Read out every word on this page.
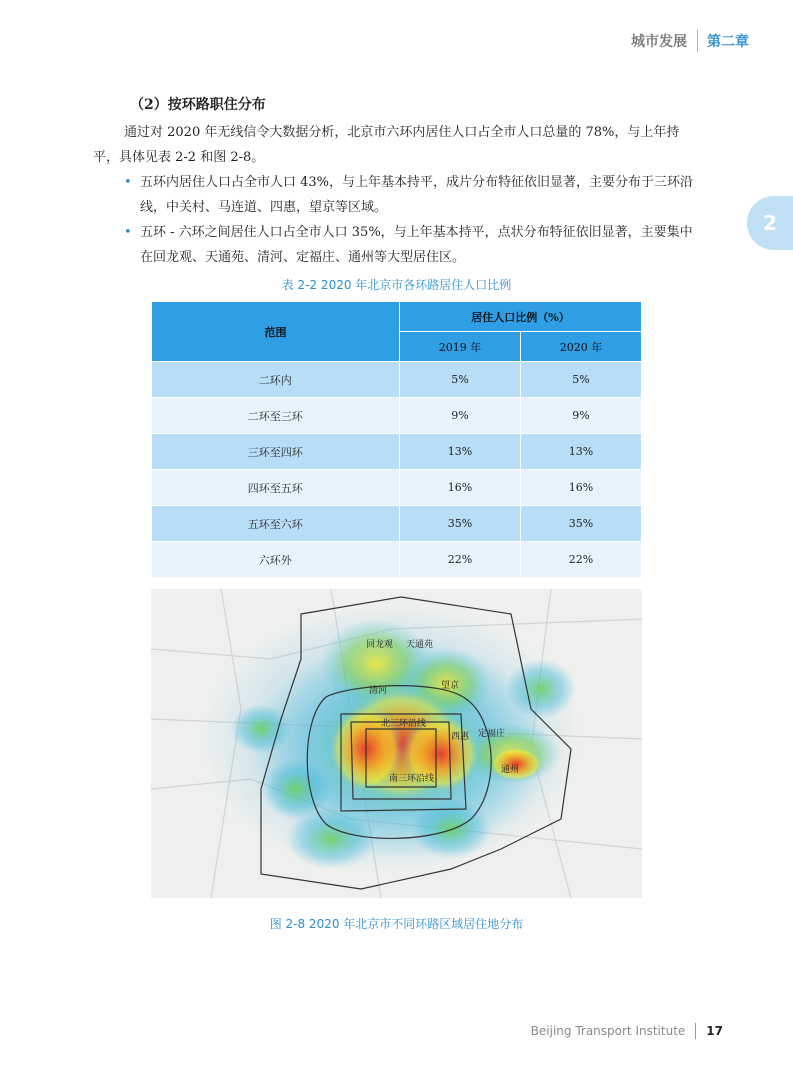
城市发展	第二章
2
（2）按环路职住分布
通过对 2020 年无线信令大数据分析，北京市六环内居住人口占全市人口总量的 78%，与上年持平，具体见表 2-2 和图 2-8。
• 五环内居住人口占全市人口 43%，与上年基本持平，成片分布特征依旧显著，主要分布于三环沿线，中关村、马连道、四惠，望京等区域。
• 五环 - 六环之间居住人口占全市人口 35%，与上年基本持平，点状分布特征依旧显著，主要集中在回龙观、天通苑、清河、定福庄、通州等大型居住区。
表 2-2 2020 年北京市各环路居住人口比例
范围	居住人口比例（%）	
	2019 年	2020 年
二环内	5%	5%
二环至三环	9%	9%
三环至四环	13%	13%
四环至五环	16%	16%
五环至六环	35%	35%
六环外	22%	22%
回龙观 天通苑
清河	望京
北三环沿线
西惠 定福庄
南三环沿线
通州
图 2-8 2020 年北京市不同环路区域居住地分布
Beijing Transport Institute	17
